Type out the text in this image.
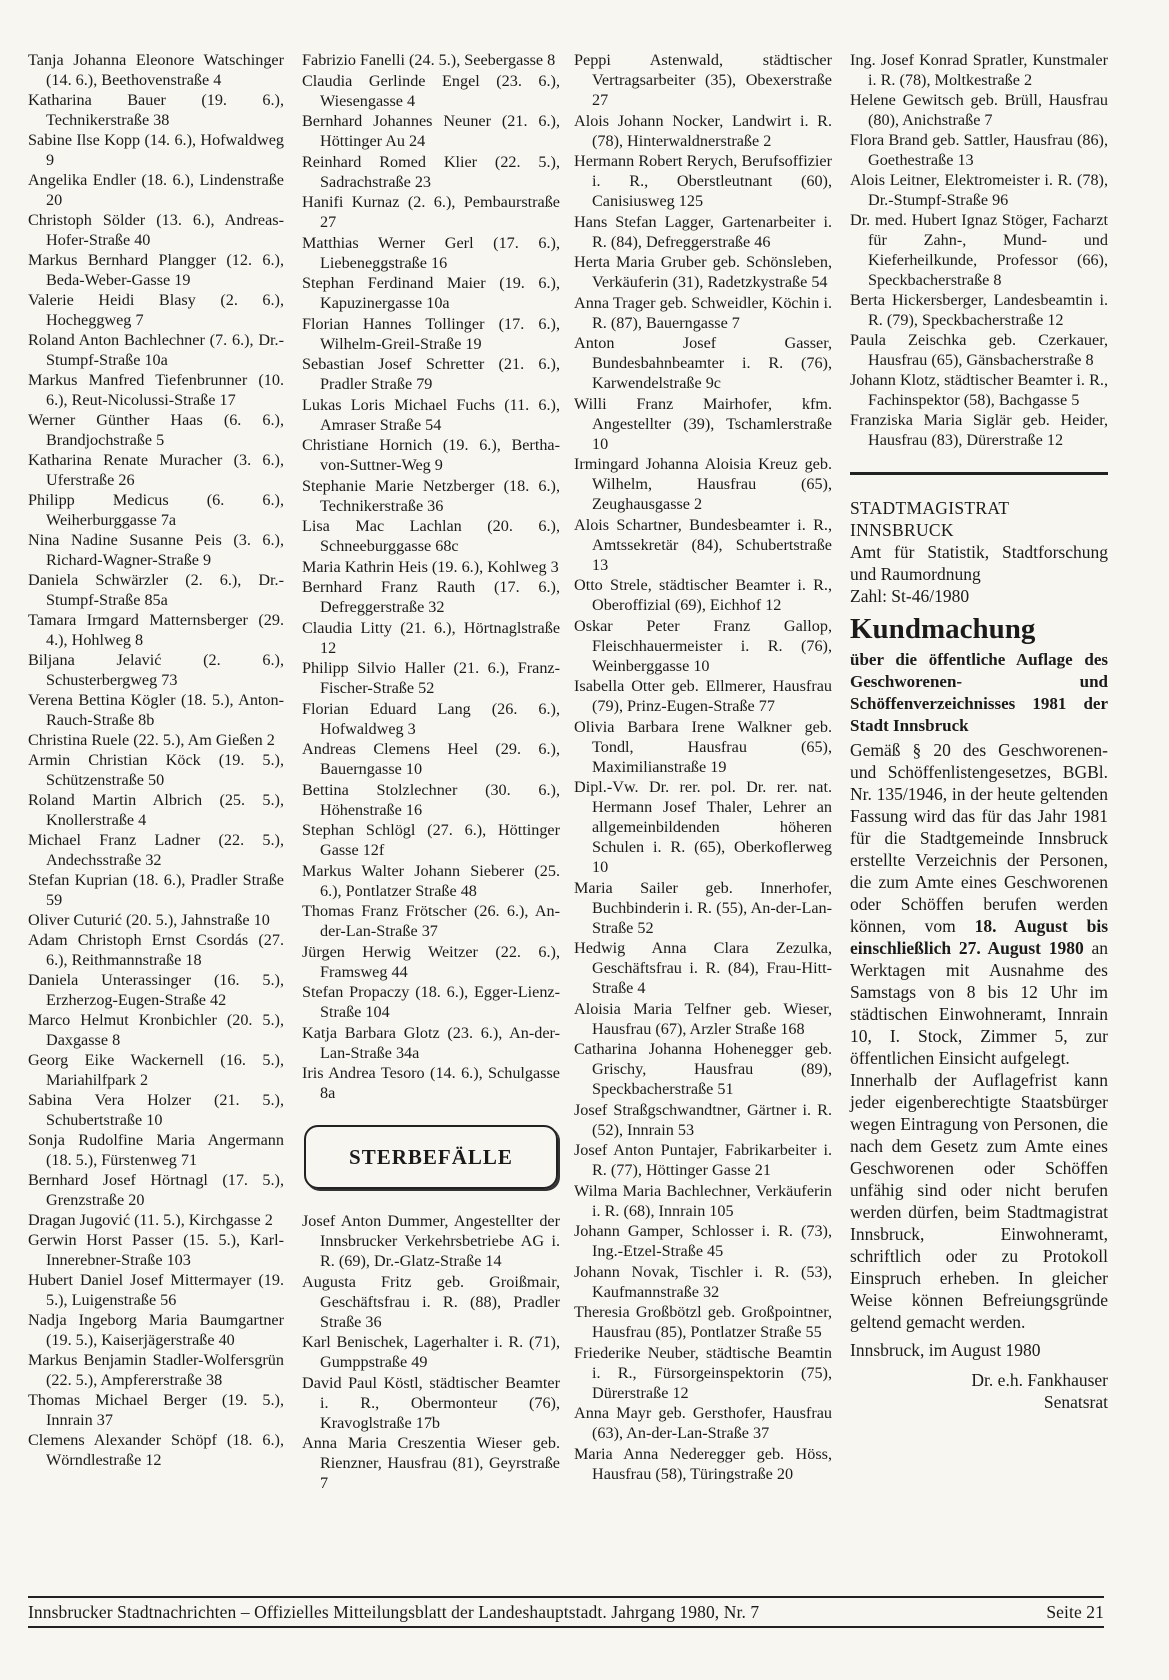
Tanja Johanna Eleonore Watschinger (14. 6.), Beethovenstraße 4
Katharina Bauer (19. 6.), Technikerstraße 38
Sabine Ilse Kopp (14. 6.), Hofwaldweg 9
Angelika Endler (18. 6.), Lindenstraße 20
Christoph Sölder (13. 6.), Andreas-Hofer-Straße 40
Markus Bernhard Plangger (12. 6.), Beda-Weber-Gasse 19
Valerie Heidi Blasy (2. 6.), Hocheggweg 7
Roland Anton Bachlechner (7. 6.), Dr.-Stumpf-Straße 10a
Markus Manfred Tiefenbrunner (10. 6.), Reut-Nicolussi-Straße 17
Werner Günther Haas (6. 6.), Brandjochstraße 5
Katharina Renate Muracher (3. 6.), Uferstraße 26
Philipp Medicus (6. 6.), Weiherburggasse 7a
Nina Nadine Susanne Peis (3. 6.), Richard-Wagner-Straße 9
Daniela Schwärzler (2. 6.), Dr.-Stumpf-Straße 85a
Tamara Irmgard Matternsberger (29. 4.), Hohlweg 8
Biljana Jelavić (2. 6.), Schusterbergweg 73
Verena Bettina Kögler (18. 5.), Anton-Rauch-Straße 8b
Christina Ruele (22. 5.), Am Gießen 2
Armin Christian Köck (19. 5.), Schützenstraße 50
Roland Martin Albrich (25. 5.), Knollerstraße 4
Michael Franz Ladner (22. 5.), Andechsstraße 32
Stefan Kuprian (18. 6.), Pradler Straße 59
Oliver Cuturić (20. 5.), Jahnstraße 10
Adam Christoph Ernst Csordás (27. 6.), Reithmannstraße 18
Daniela Unterassinger (16. 5.), Erzherzog-Eugen-Straße 42
Marco Helmut Kronbichler (20. 5.), Daxgasse 8
Georg Eike Wackernell (16. 5.), Mariahilfpark 2
Sabina Vera Holzer (21. 5.), Schubertstraße 10
Sonja Rudolfine Maria Angermann (18. 5.), Fürstenweg 71
Bernhard Josef Hörtnagl (17. 5.), Grenzstraße 20
Dragan Jugović (11. 5.), Kirchgasse 2
Gerwin Horst Passer (15. 5.), Karl-Innerebner-Straße 103
Hubert Daniel Josef Mittermayer (19. 5.), Luigenstraße 56
Nadja Ingeborg Maria Baumgartner (19. 5.), Kaiserjägerstraße 40
Markus Benjamin Stadler-Wolfersgrün (22. 5.), Ampfererstraße 38
Thomas Michael Berger (19. 5.), Innrain 37
Clemens Alexander Schöpf (18. 6.), Wörndlestraße 12
Fabrizio Fanelli (24. 5.), Seebergasse 8
Claudia Gerlinde Engel (23. 6.), Wiesengasse 4
Bernhard Johannes Neuner (21. 6.), Höttinger Au 24
Reinhard Romed Klier (22. 5.), Sadrachstraße 23
Hanifi Kurnaz (2. 6.), Pembaurstraße 27
Matthias Werner Gerl (17. 6.), Liebeneggstraße 16
Stephan Ferdinand Maier (19. 6.), Kapuzinergasse 10a
Florian Hannes Tollinger (17. 6.), Wilhelm-Greil-Straße 19
Sebastian Josef Schretter (21. 6.), Pradler Straße 79
Lukas Loris Michael Fuchs (11. 6.), Amraser Straße 54
Christiane Hornich (19. 6.), Bertha-von-Suttner-Weg 9
Stephanie Marie Netzberger (18. 6.), Technikerstraße 36
Lisa Mac Lachlan (20. 6.), Schneeburggasse 68c
Maria Kathrin Heis (19. 6.), Kohlweg 3
Bernhard Franz Rauth (17. 6.), Defreggerstraße 32
Claudia Litty (21. 6.), Hörtnaglstraße 12
Philipp Silvio Haller (21. 6.), Franz-Fischer-Straße 52
Florian Eduard Lang (26. 6.), Hofwaldweg 3
Andreas Clemens Heel (29. 6.), Bauerngasse 10
Bettina Stolzlechner (30. 6.), Höhenstraße 16
Stephan Schlögl (27. 6.), Höttinger Gasse 12f
Markus Walter Johann Sieberer (25. 6.), Pontlatzer Straße 48
Thomas Franz Frötscher (26. 6.), An-der-Lan-Straße 37
Jürgen Herwig Weitzer (22. 6.), Framsweg 44
Stefan Propaczy (18. 6.), Egger-Lienz-Straße 104
Katja Barbara Glotz (23. 6.), An-der-Lan-Straße 34a
Iris Andrea Tesoro (14. 6.), Schulgasse 8a
STERBEFÄLLE
Josef Anton Dummer, Angestellter der Innsbrucker Verkehrsbetriebe AG i. R. (69), Dr.-Glatz-Straße 14
Augusta Fritz geb. Groißmair, Geschäftsfrau i. R. (88), Pradler Straße 36
Karl Benischek, Lagerhalter i. R. (71), Gumppstraße 49
David Paul Köstl, städtischer Beamter i. R., Obermonteur (76), Kravoglstraße 17b
Anna Maria Creszentia Wieser geb. Rienzner, Hausfrau (81), Geyrstraße 7
Peppi Astenwald, städtischer Vertragsarbeiter (35), Obexerstraße 27
Alois Johann Nocker, Landwirt i. R. (78), Hinterwaldnerstraße 2
Hermann Robert Rerych, Berufsoffizier i. R., Oberstleutnant (60), Canisiusweg 125
Hans Stefan Lagger, Gartenarbeiter i. R. (84), Defreggerstraße 46
Herta Maria Gruber geb. Schönsleben, Verkäuferin (31), Radetzkystraße 54
Anna Trager geb. Schweidler, Köchin i. R. (87), Bauerngasse 7
Anton Josef Gasser, Bundesbahnbeamter i. R. (76), Karwendelstraße 9c
Willi Franz Mairhofer, kfm. Angestellter (39), Tschamlerstraße 10
Irmingard Johanna Aloisia Kreuz geb. Wilhelm, Hausfrau (65), Zeughausgasse 2
Alois Schartner, Bundesbeamter i. R., Amtssekretär (84), Schubertstraße 13
Otto Strele, städtischer Beamter i. R., Oberoffizial (69), Eichhof 12
Oskar Peter Franz Gallop, Fleischhauermeister i. R. (76), Weinberggasse 10
Isabella Otter geb. Ellmerer, Hausfrau (79), Prinz-Eugen-Straße 77
Olivia Barbara Irene Walkner geb. Tondl, Hausfrau (65), Maximilianstraße 19
Dipl.-Vw. Dr. rer. pol. Dr. rer. nat. Hermann Josef Thaler, Lehrer an allgemeinbildenden höheren Schulen i. R. (65), Oberkoflerweg 10
Maria Sailer geb. Innerhofer, Buchbinderin i. R. (55), An-der-Lan-Straße 52
Hedwig Anna Clara Zezulka, Geschäftsfrau i. R. (84), Frau-Hitt-Straße 4
Aloisia Maria Telfner geb. Wieser, Hausfrau (67), Arzler Straße 168
Catharina Johanna Hohenegger geb. Grischy, Hausfrau (89), Speckbacherstraße 51
Josef Straßgschwandtner, Gärtner i. R. (52), Innrain 53
Josef Anton Puntajer, Fabrikarbeiter i. R. (77), Höttinger Gasse 21
Wilma Maria Bachlechner, Verkäuferin i. R. (68), Innrain 105
Johann Gamper, Schlosser i. R. (73), Ing.-Etzel-Straße 45
Johann Novak, Tischler i. R. (53), Kaufmannstraße 32
Theresia Großbötzl geb. Großpointner, Hausfrau (85), Pontlatzer Straße 55
Friederike Neuber, städtische Beamtin i. R., Fürsorgeinspektorin (75), Dürerstraße 12
Anna Mayr geb. Gersthofer, Hausfrau (63), An-der-Lan-Straße 37
Maria Anna Nederegger geb. Höss, Hausfrau (58), Türingstraße 20
Ing. Josef Konrad Spratler, Kunstmaler i. R. (78), Moltkestraße 2
Helene Gewitsch geb. Brüll, Hausfrau (80), Anichstraße 7
Flora Brand geb. Sattler, Hausfrau (86), Goethestraße 13
Alois Leitner, Elektromeister i. R. (78), Dr.-Stumpf-Straße 96
Dr. med. Hubert Ignaz Stöger, Facharzt für Zahn-, Mund- und Kieferheilkunde, Professor (66), Speckbacherstraße 8
Berta Hickersberger, Landesbeamtin i. R. (79), Speckbacherstraße 12
Paula Zeischka geb. Czerkauer, Hausfrau (65), Gänsbacherstraße 8
Johann Klotz, städtischer Beamter i. R., Fachinspektor (58), Bachgasse 5
Franziska Maria Siglär geb. Heider, Hausfrau (83), Dürerstraße 12
STADTMAGISTRAT
INNSBRUCK
Amt für Statistik, Stadtforschung und Raumordnung
Zahl: St-46/1980
Kundmachung
über die öffentliche Auflage des Geschworenen- und Schöffenverzeichnisses 1981 der Stadt Innsbruck
Gemäß § 20 des Geschworenen- und Schöffenlistengesetzes, BGBl. Nr. 135/1946, in der heute geltenden Fassung wird das für das Jahr 1981 für die Stadtgemeinde Innsbruck erstellte Verzeichnis der Personen, die zum Amte eines Geschworenen oder Schöffen berufen werden können, vom 18. August bis einschließlich 27. August 1980 an Werktagen mit Ausnahme des Samstags von 8 bis 12 Uhr im städtischen Einwohneramt, Innrain 10, I. Stock, Zimmer 5, zur öffentlichen Einsicht aufgelegt.
Innerhalb der Auflagefrist kann jeder eigenberechtigte Staatsbürger wegen Eintragung von Personen, die nach dem Gesetz zum Amte eines Geschworenen oder Schöffen unfähig sind oder nicht berufen werden dürfen, beim Stadtmagistrat Innsbruck, Einwohneramt, schriftlich oder zu Protokoll Einspruch erheben. In gleicher Weise können Befreiungsgründe geltend gemacht werden.
Innsbruck, im August 1980
Dr. e.h. Fankhauser
Senatsrat
Innsbrucker Stadtnachrichten – Offizielles Mitteilungsblatt der Landeshauptstadt. Jahrgang 1980, Nr. 7	Seite 21
